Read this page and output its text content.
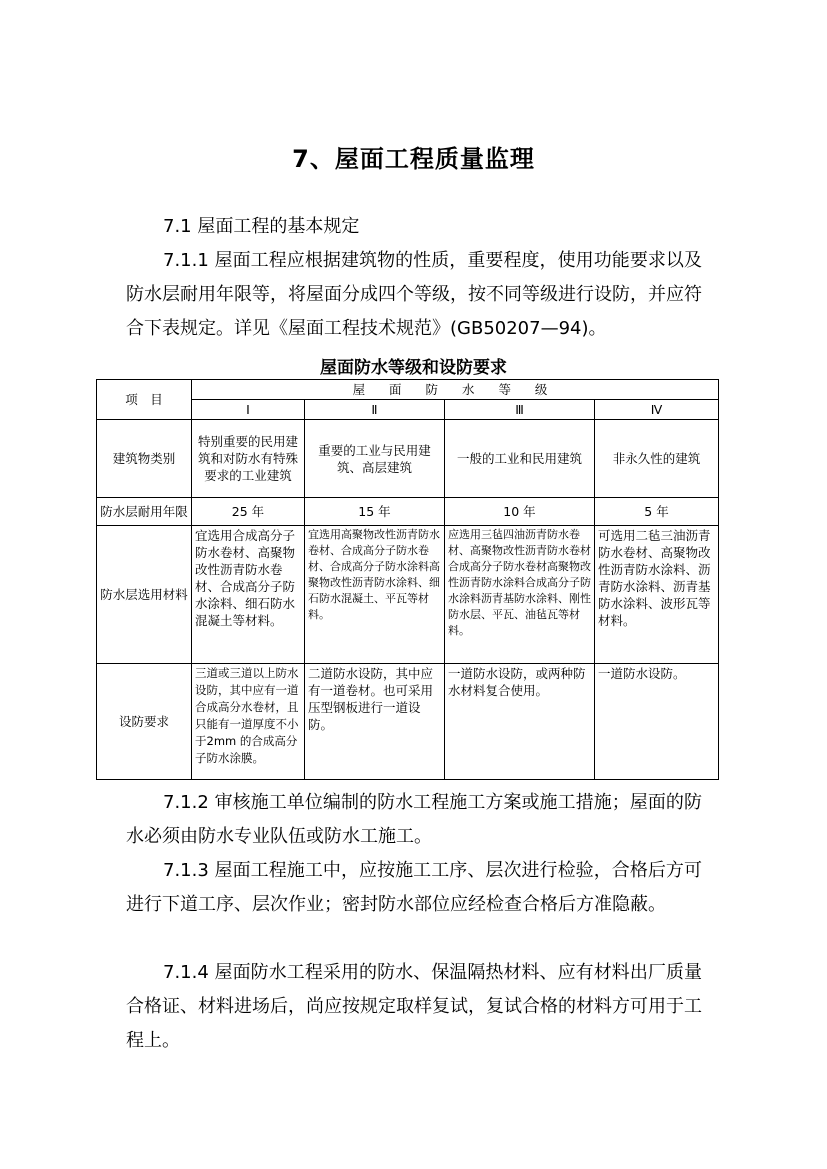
7、屋面工程质量监理
7.1 屋面工程的基本规定

7.1.1 屋面工程应根据建筑物的性质，重要程度，使用功能要求以及防水层耐用年限等，将屋面分成四个等级，按不同等级进行设防，并应符合下表规定。详见《屋面工程技术规范》(GB50207—94)。

屋面防水等级和设防要求
项　目	屋 面 防 水 等 级			
	Ⅰ	Ⅱ	Ⅲ	Ⅳ
建筑物类别	特别重要的民用建筑和对防水有特殊要求的工业建筑	重要的工业与民用建筑、高层建筑	一般的工业和民用建筑	非永久性的建筑
防水层耐用年限	25 年	15 年	10 年	5 年
防水层选用材料	宜选用合成高分子防水卷材、高聚物改性沥青防水卷材、合成高分子防水涂料、细石防水混凝土等材料。	宜选用高聚物改性沥青防水卷材、合成高分子防水卷材、合成高分子防水涂料高聚物改性沥青防水涂料、细石防水混凝土、平瓦等材料。	应选用三毡四油沥青防水卷材、高聚物改性沥青防水卷材合成高分子防水卷材高聚物改性沥青防水涂料合成高分子防水涂料沥青基防水涂料、刚性防水层、平瓦、油毡瓦等材料。	可选用二毡三油沥青防水卷材、高聚物改性沥青防水涂料、沥青防水涂料、沥青基防水涂料、波形瓦等材料。
设防要求	三道或三道以上防水设防，其中应有一道合成高分水卷材，且只能有一道厚度不小于2mm 的合成高分子防水涂膜。	二道防水设防，其中应有一道卷材。也可采用压型钢板进行一道设防。	一道防水设防，或两种防水材料复合使用。	一道防水设防。

7.1.2 审核施工单位编制的防水工程施工方案或施工措施；屋面的防水必须由防水专业队伍或防水工施工。

7.1.3 屋面工程施工中，应按施工工序、层次进行检验，合格后方可进行下道工序、层次作业；密封防水部位应经检查合格后方准隐蔽。

7.1.4 屋面防水工程采用的防水、保温隔热材料、应有材料出厂质量合格证、材料进场后，尚应按规定取样复试，复试合格的材料方可用于工程上。
